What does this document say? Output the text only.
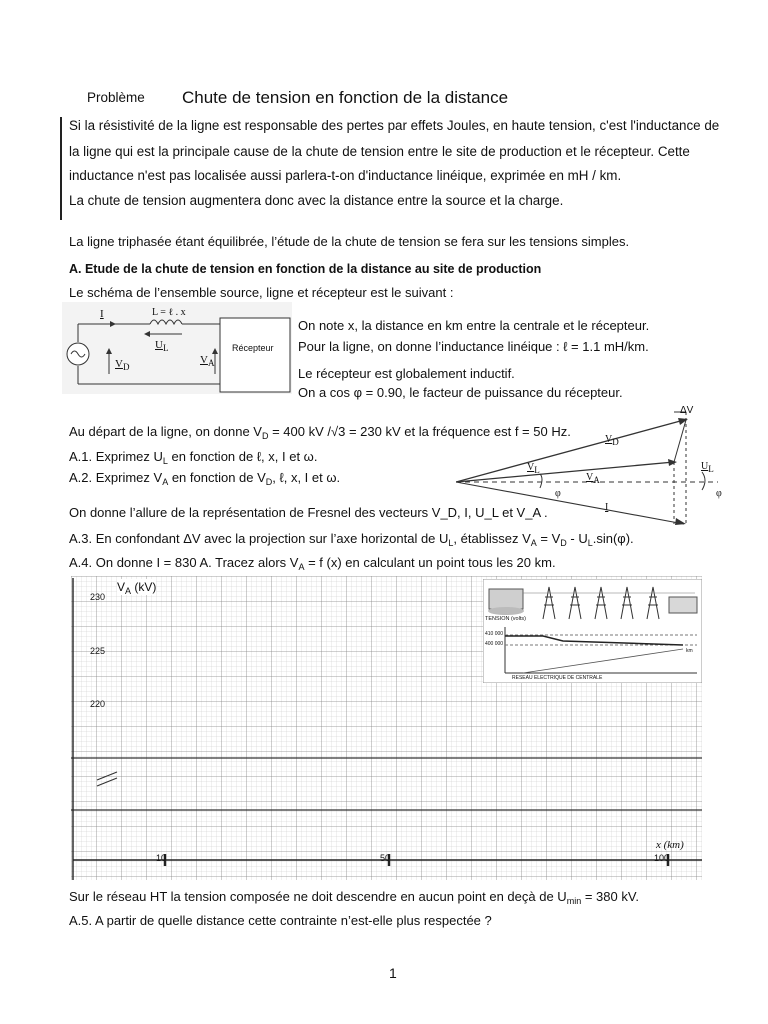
Problème Chute de tension en fonction de la distance
Si la résistivité de la ligne est responsable des pertes par effets Joules, en haute tension, c'est l'inductance de
la ligne qui est la principale cause de la chute de tension entre le site de production et le récepteur. Cette
inductance n'est pas localisée aussi parlera-t-on d'inductance linéique, exprimée en mH / km.
La chute de tension augmentera donc avec la distance entre la source et la charge.
La ligne triphasée étant équilibrée, l’étude de la chute de tension se fera sur les tensions simples.
A. Etude de la chute de tension en fonction de la distance au site de production
Le schéma de l’ensemble source, ligne et récepteur est le suivant :
I	L = ℓ . x
$U_L$
$V_D$
$V_A$
Récepteur
On note x, la distance en km entre la centrale et le récepteur.
Pour la ligne, on donne l’inductance linéique : ℓ = 1.1 mH/km.
Le récepteur est globalement inductif.
On a cos φ = 0.90, le facteur de puissance du récepteur.
Au départ de la ligne, on donne $V_D = 400$ kV /√3 = 230 kV et la fréquence est f = 50 Hz.
A.1. Exprimez $U_L$ en fonction de ℓ, x, I et ω.
A.2. Exprimez $V_A$ en fonction de $V_D$, ℓ, x, I et ω.
On donne l’allure de la représentation de Fresnel des vecteurs V_D, I, U_L et V_A .
A.3. En confondant ΔV avec la projection sur l’axe horizontal de $U_L$, établissez $V_A = V_D - U_L.\sin(\varphi)$.
A.4. On donne I = 830 A. Tracez alors $V_A = f$ (x) en calculant un point tous les 20 km.
ΔV
$V_D$
$V_L$
$V_A$
$U_L$
I
φ	φ
$V_A$ (kV)
230
225
220
10	50	100
x (km)
TENSION (volts)
410 000
400 000
RESEAU ELECTRIQUE DE CENTRALE
km
Sur le réseau HT la tension composée ne doit descendre en aucun point en deçà de $U_{min} = 380$ kV.
A.5. A partir de quelle distance cette contrainte n’est-elle plus respectée ?
1
